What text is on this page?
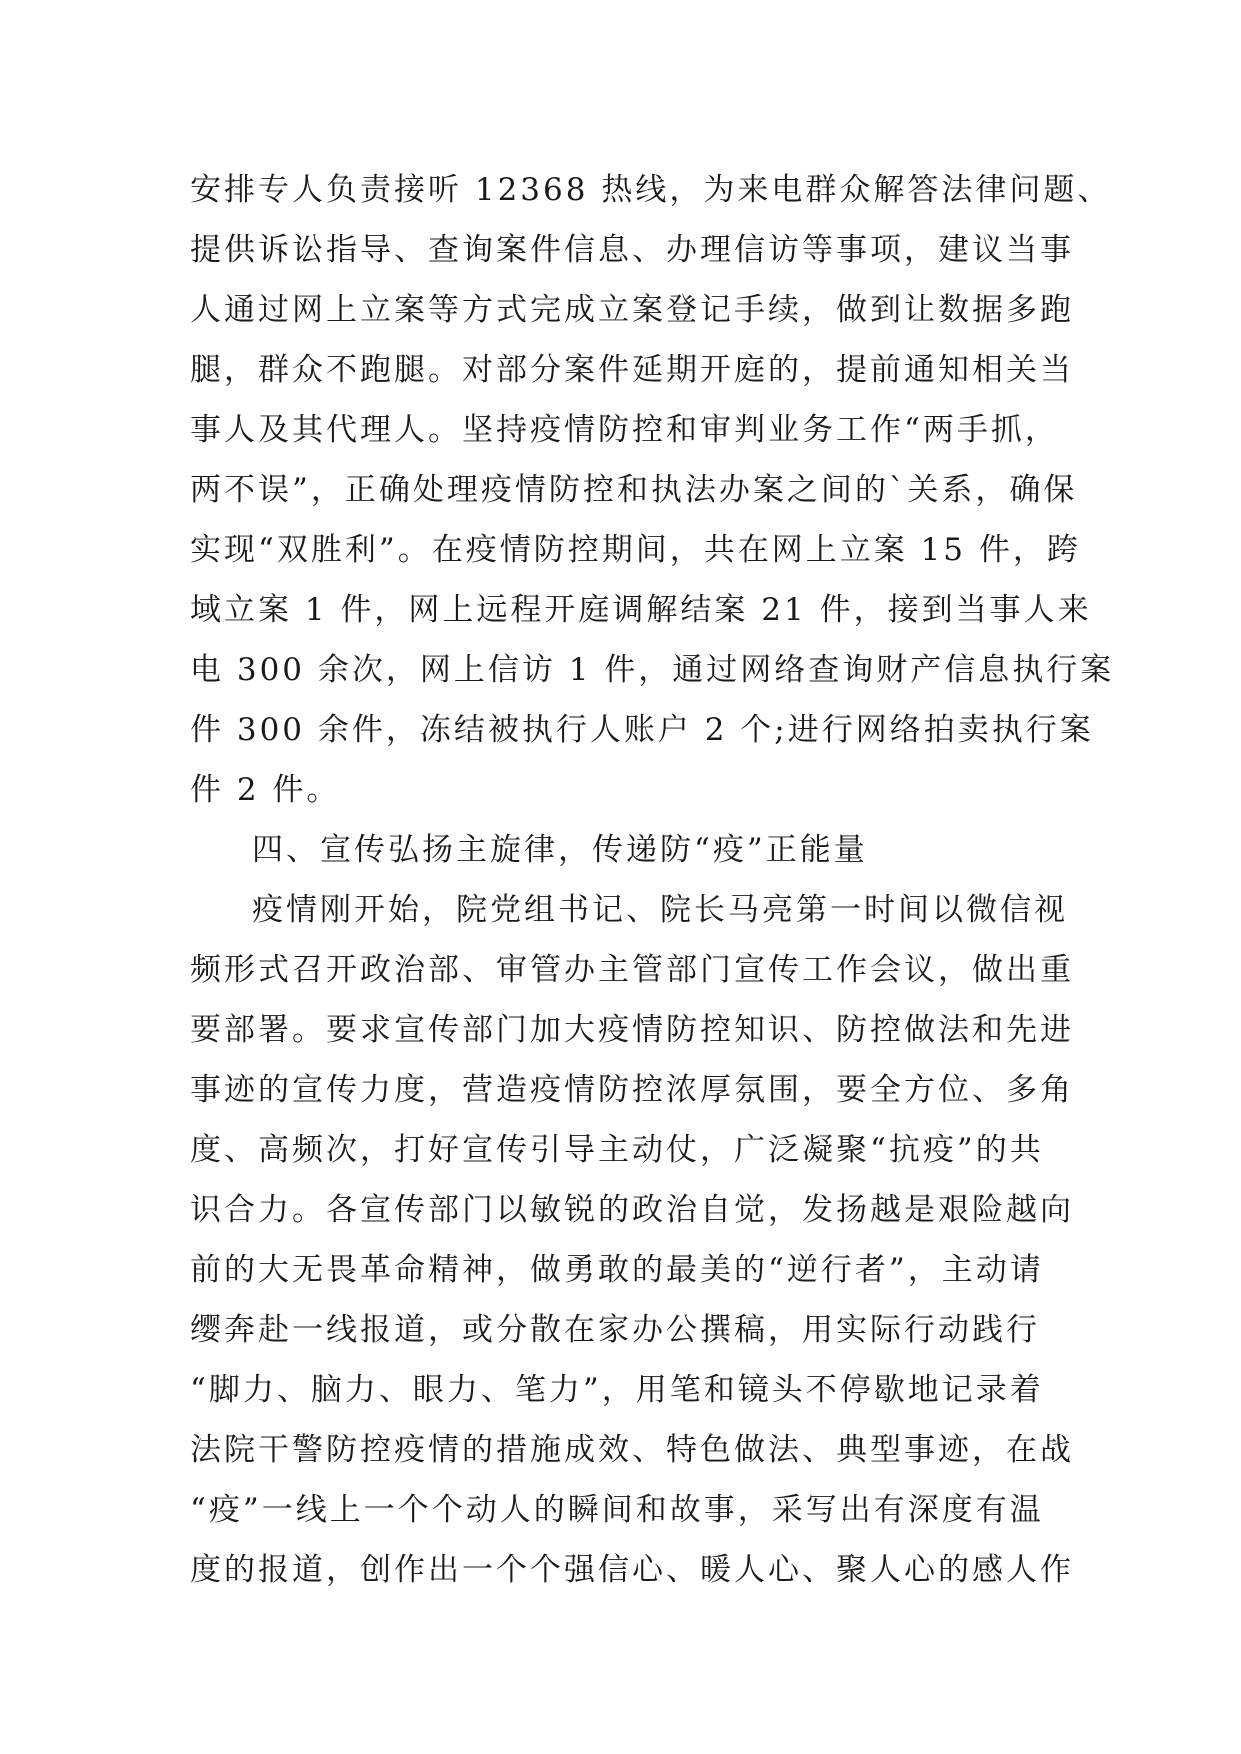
安排专人负责接听 12368 热线，为来电群众解答法律问题、

提供诉讼指导、查询案件信息、办理信访等事项，建议当事

人通过网上立案等方式完成立案登记手续，做到让数据多跑

腿，群众不跑腿。对部分案件延期开庭的，提前通知相关当

事人及其代理人。坚持疫情防控和审判业务工作“两手抓，

两不误”，正确处理疫情防控和执法办案之间的`关系，确保

实现“双胜利”。在疫情防控期间，共在网上立案 15 件，跨

域立案 1 件，网上远程开庭调解结案 21 件，接到当事人来

电 300 余次，网上信访 1 件，通过网络查询财产信息执行案

件 300 余件，冻结被执行人账户 2 个;进行网络拍卖执行案

件 2 件。

四、宣传弘扬主旋律，传递防“疫”正能量

疫情刚开始，院党组书记、院长马亮第一时间以微信视

频形式召开政治部、审管办主管部门宣传工作会议，做出重

要部署。要求宣传部门加大疫情防控知识、防控做法和先进

事迹的宣传力度，营造疫情防控浓厚氛围，要全方位、多角

度、高频次，打好宣传引导主动仗，广泛凝聚“抗疫”的共

识合力。各宣传部门以敏锐的政治自觉，发扬越是艰险越向

前的大无畏革命精神，做勇敢的最美的“逆行者”，主动请

缨奔赴一线报道，或分散在家办公撰稿，用实际行动践行

“脚力、脑力、眼力、笔力”，用笔和镜头不停歇地记录着

法院干警防控疫情的措施成效、特色做法、典型事迹，在战

“疫”一线上一个个动人的瞬间和故事，采写出有深度有温

度的报道，创作出一个个强信心、暖人心、聚人心的感人作
